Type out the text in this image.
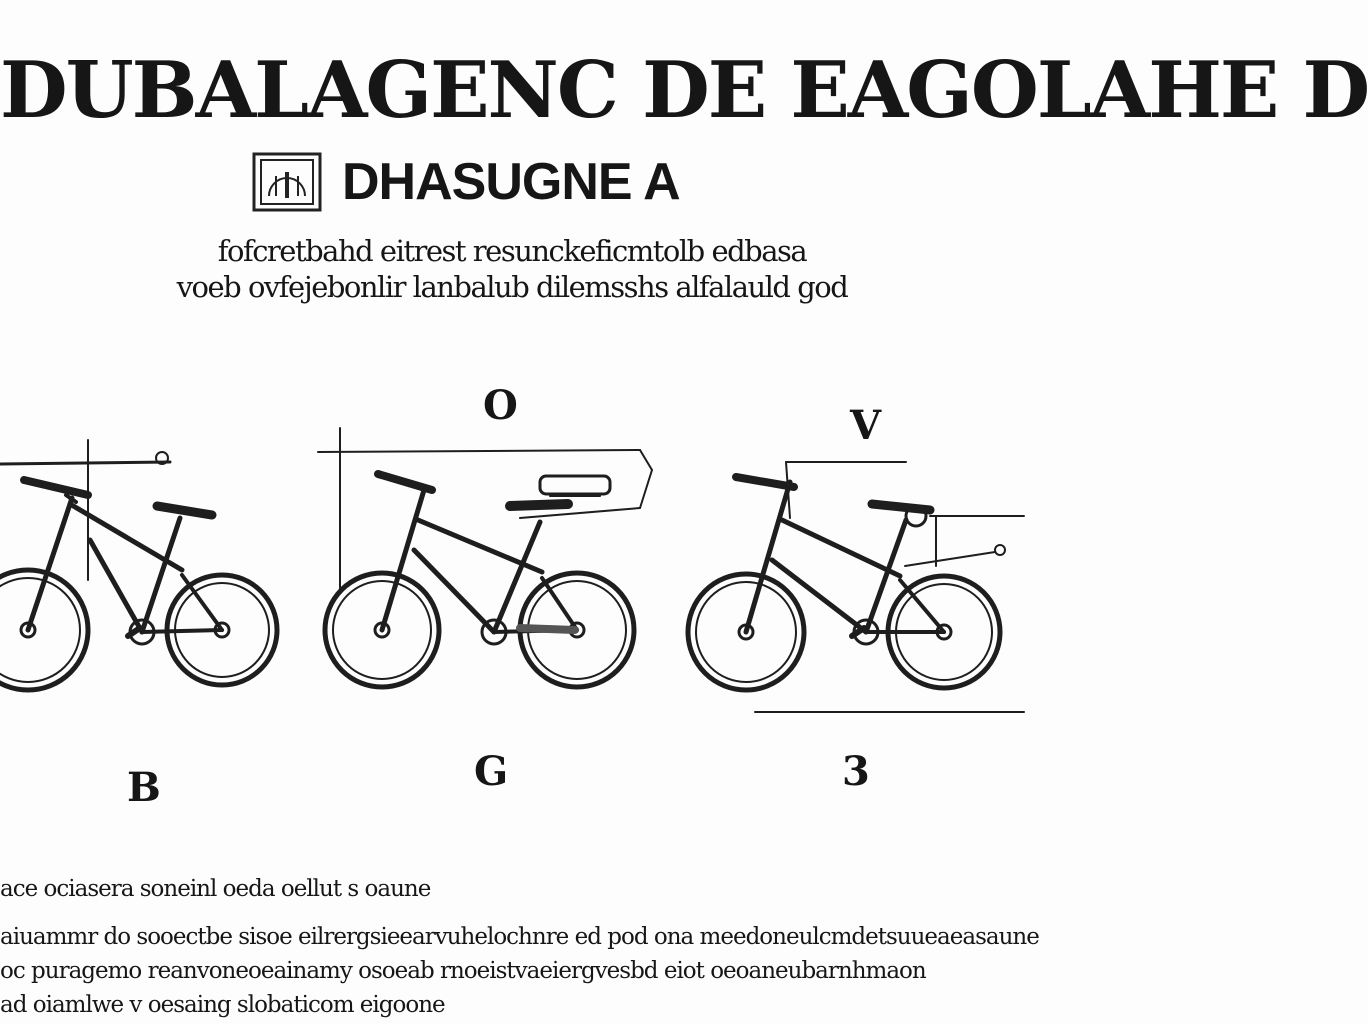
DUBALAGENC DE EAGOLAHE D
DHASUGNE A
fofcretbahd eitrest resunckeficmtolb edbasa
voeb ovfejebonlir lanbalub dilemsshs alfalauld god
O	V
B	G	3
ace ociasera soneinl oeda oellut s oaune
aiuammr do sooectbe sisoe eilrergsieearvuhelochnre ed pod ona meedoneulcmdetsuueaeasaune
oc puragemo reanvoneoeainamy osoeab rnoeistvaeiergvesbd eiot oeoaneubarnhmaon
ad oiamlwe v oesaing slobaticom eigoone
